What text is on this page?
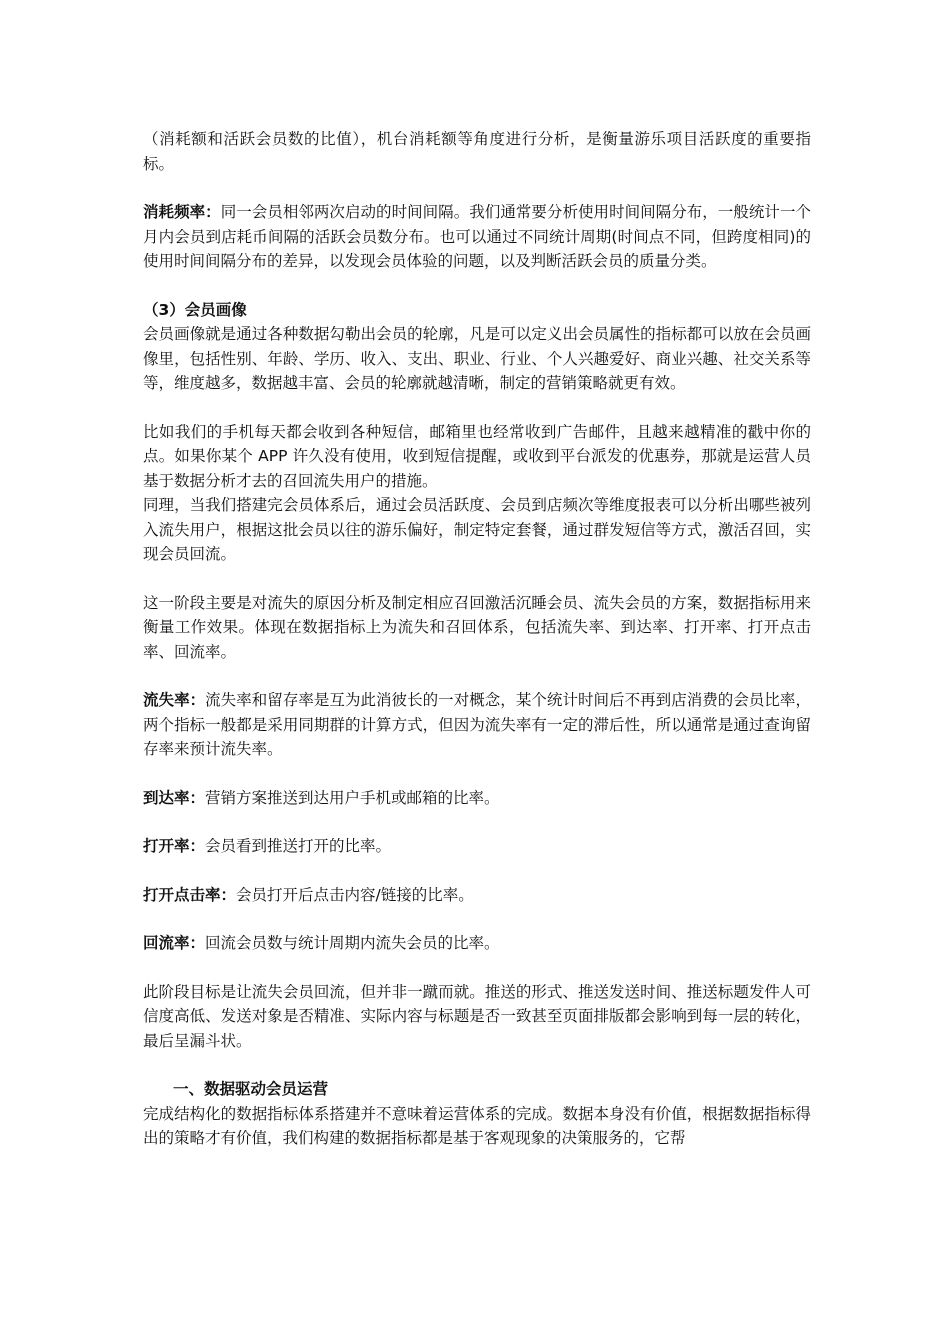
（消耗额和活跃会员数的比值），机台消耗额等角度进行分析，是衡量游乐项目活跃度的重要指标。

消耗频率：同一会员相邻两次启动的时间间隔。我们通常要分析使用时间间隔分布，一般统计一个月内会员到店耗币间隔的活跃会员数分布。也可以通过不同统计周期(时间点不同，但跨度相同)的使用时间间隔分布的差异，以发现会员体验的问题，以及判断活跃会员的质量分类。

（3）会员画像

会员画像就是通过各种数据勾勒出会员的轮廓，凡是可以定义出会员属性的指标都可以放在会员画像里，包括性别、年龄、学历、收入、支出、职业、行业、个人兴趣爱好、商业兴趣、社交关系等等，维度越多，数据越丰富、会员的轮廓就越清晰，制定的营销策略就更有效。

比如我们的手机每天都会收到各种短信，邮箱里也经常收到广告邮件，且越来越精准的戳中你的点。如果你某个 APP 许久没有使用，收到短信提醒，或收到平台派发的优惠券，那就是运营人员基于数据分析才去的召回流失用户的措施。

同理，当我们搭建完会员体系后，通过会员活跃度、会员到店频次等维度报表可以分析出哪些被列入流失用户，根据这批会员以往的游乐偏好，制定特定套餐，通过群发短信等方式，激活召回，实现会员回流。

这一阶段主要是对流失的原因分析及制定相应召回激活沉睡会员、流失会员的方案，数据指标用来衡量工作效果。体现在数据指标上为流失和召回体系，包括流失率、到达率、打开率、打开点击率、回流率。

流失率：流失率和留存率是互为此消彼长的一对概念，某个统计时间后不再到店消费的会员比率，两个指标一般都是采用同期群的计算方式，但因为流失率有一定的滞后性，所以通常是通过查询留存率来预计流失率。

到达率：营销方案推送到达用户手机或邮箱的比率。

打开率：会员看到推送打开的比率。

打开点击率：会员打开后点击内容/链接的比率。

回流率：回流会员数与统计周期内流失会员的比率。

此阶段目标是让流失会员回流，但并非一蹴而就。推送的形式、推送发送时间、推送标题发件人可信度高低、发送对象是否精准、实际内容与标题是否一致甚至页面排版都会影响到每一层的转化，最后呈漏斗状。

一、数据驱动会员运营

完成结构化的数据指标体系搭建并不意味着运营体系的完成。数据本身没有价值，根据数据指标得出的策略才有价值，我们构建的数据指标都是基于客观现象的决策服务的，它帮
